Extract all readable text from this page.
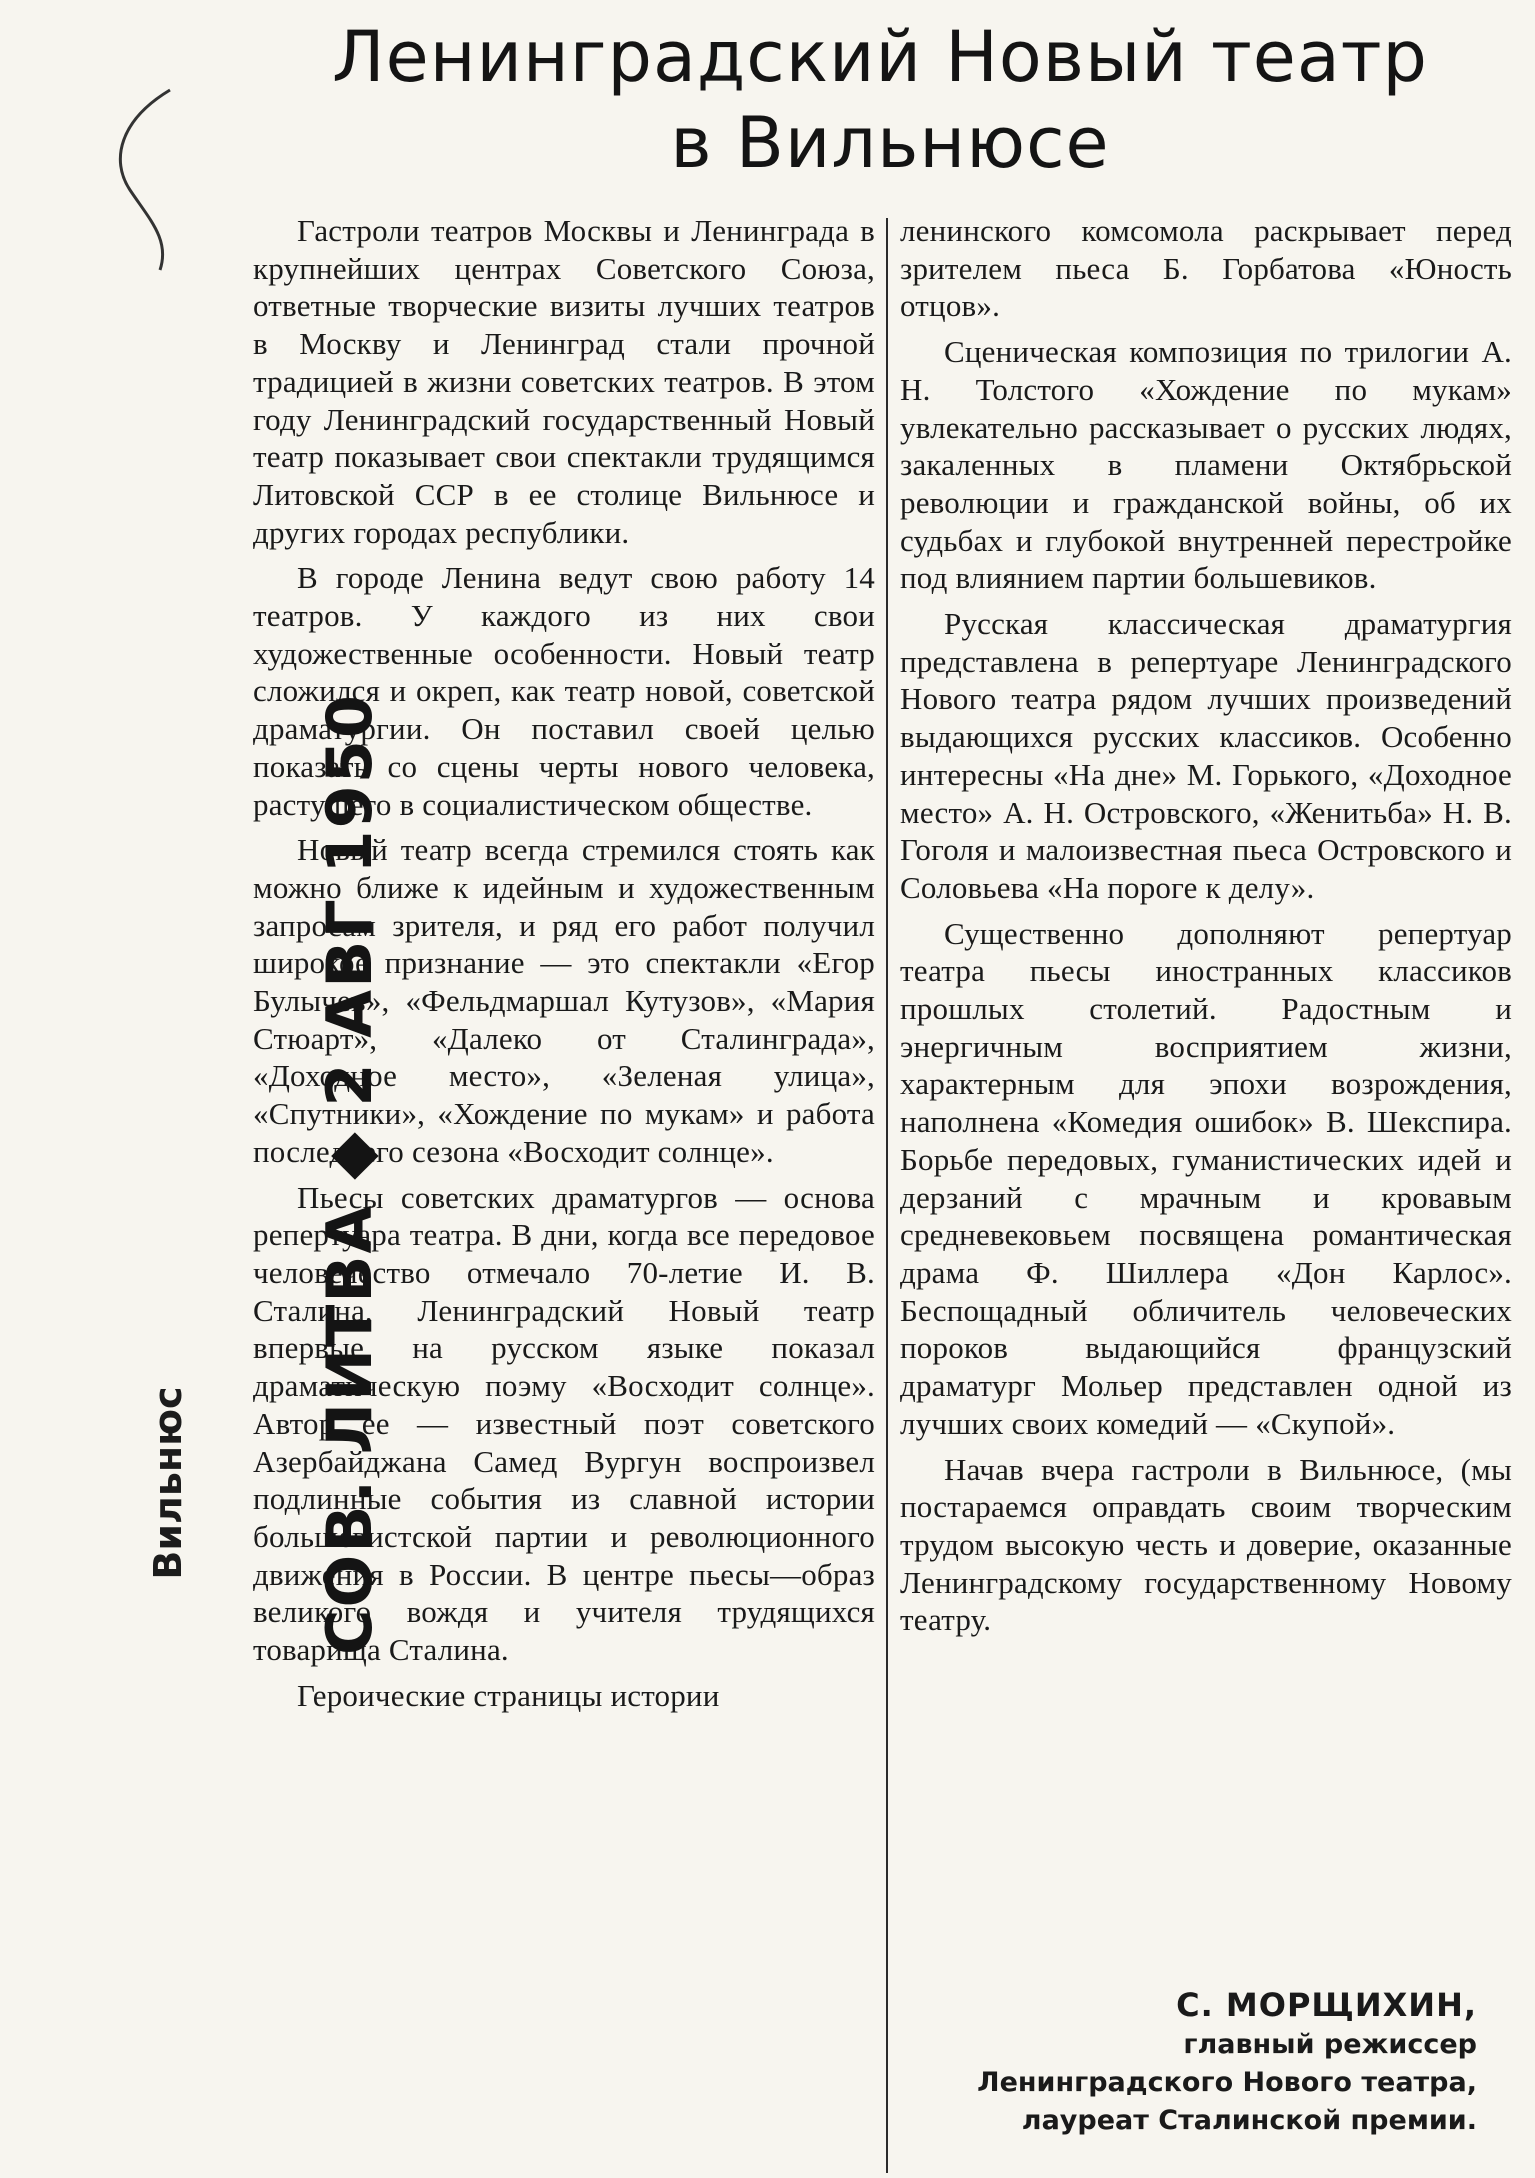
Ленинградский Новый театр
в Вильнюсе

Гастроли театров Москвы и Ленинграда в крупнейших центрах Советского Союза, ответные творческие визиты лучших театров в Москву и Ленинград стали прочной традицией в жизни советских театров. В этом году Ленинградский государственный Новый театр показывает свои спектакли трудящимся Литовской ССР в ее столице Вильнюсе и других городах республики.

В городе Ленина ведут свою работу 14 театров. У каждого из них свои художественные особенности. Новый театр сложился и окреп, как театр новой, советской драматургии. Он поставил своей целью показать со сцены черты нового человека, растущего в социалистическом обществе.

Новый театр всегда стремился стоять как можно ближе к идейным и художественным запросам зрителя, и ряд его работ получил широкое признание — это спектакли «Егор Булычев», «Фельдмаршал Кутузов», «Мария Стюарт», «Далеко от Сталинграда», «Доходное место», «Зеленая улица», «Спутники», «Хождение по мукам» и работа последнего сезона «Восходит солнце».

Пьесы советских драматургов — основа репертуара театра. В дни, когда все передовое человечество отмечало 70-летие И. В. Сталина, Ленинградский Новый театр впервые на русском языке показал драматическую поэму «Восходит солнце». Автор ее — известный поэт советского Азербайджана Самед Вургун воспроизвел подлинные события из славной истории большевистской партии и революционного движения в России. В центре пьесы—образ великого вождя и учителя трудящихся товарища Сталина.

Героические страницы истории

ленинского комсомола раскрывает перед зрителем пьеса Б. Горбатова «Юность отцов».

Сценическая композиция по трилогии А. Н. Толстого «Хождение по мукам» увлекательно рассказывает о русских людях, закаленных в пламени Октябрьской революции и гражданской войны, об их судьбах и глубокой внутренней перестройке под влиянием партии большевиков.

Русская классическая драматургия представлена в репертуаре Ленинградского Нового театра рядом лучших произведений выдающихся русских классиков. Особенно интересны «На дне» М. Горького, «Доходное место» А. Н. Островского, «Женитьба» Н. В. Гоголя и малоизвестная пьеса Островского и Соловьева «На пороге к делу».

Существенно дополняют репертуар театра пьесы иностранных классиков прошлых столетий. Радостным и энергичным восприятием жизни, характерным для эпохи возрождения, наполнена «Комедия ошибок» В. Шекспира. Борьбе передовых, гуманистических идей и дерзаний с мрачным и кровавым средневековьем посвящена романтическая драма Ф. Шиллера «Дон Карлос». Беспощадный обличитель человеческих пороков выдающийся французский драматург Мольер представлен одной из лучших своих комедий — «Скупой».

Начав вчера гастроли в Вильнюсе, (мы постараемся оправдать своим творческим трудом высокую честь и доверие, оказанные Ленинградскому государственному Новому театру.

С. МОРЩИХИН,
главный режиссер
Ленинградского Нового театра,
лауреат Сталинской премии.
СОВ. ЛИТВА ◆ 2 АВГ 1950
Вильнюс
